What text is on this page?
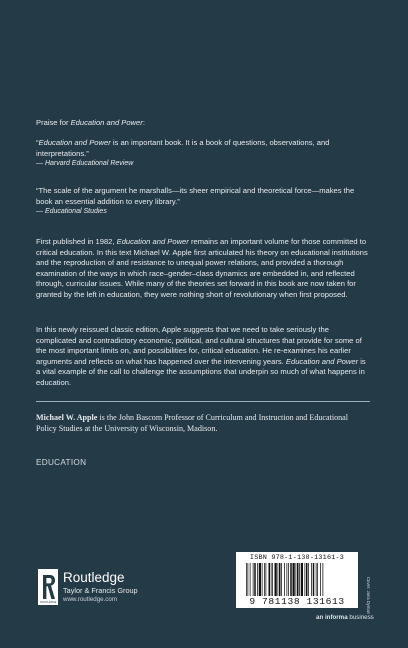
Praise for Education and Power:
“Education and Power is an important book. It is a book of questions, observations, and interpretations.”
— Harvard Educational Review
“The scale of the argument he marshalls—its sheer empirical and theoretical force—makes the book an essential addition to every library.”
— Educational Studies

First published in 1982, Education and Power remains an important volume for those committed to critical education. In this text Michael W. Apple first articulated his theory on educational institutions and the reproduction of and resistance to unequal power relations, and provided a thorough examination of the ways in which race–gender–class dynamics are embedded in, and reflected through, curricular issues. While many of the theories set forward in this book are now taken for granted by the left in education, they were nothing short of revolutionary when first proposed.

In this newly reissued classic edition, Apple suggests that we need to take seriously the complicated and contradictory economic, political, and cultural structures that provide for some of the most important limits on, and possibilities for, critical education. He re-examines his earlier arguments and reflects on what has happened over the intervening years. Education and Power is a vital example of the call to challenge the assumptions that underpin so much of what happens in education.

Michael W. Apple is the John Bascom Professor of Curriculum and Instruction and Educational Policy Studies at the University of Wisconsin, Madison.
EDUCATION
ROUTLEDGE
Routledge
Taylor & Francis Group
www.routledge.com
ISBN 978-1-138-13161-3
9 781138 131613
an informa business
Cover: Jana Dyman
